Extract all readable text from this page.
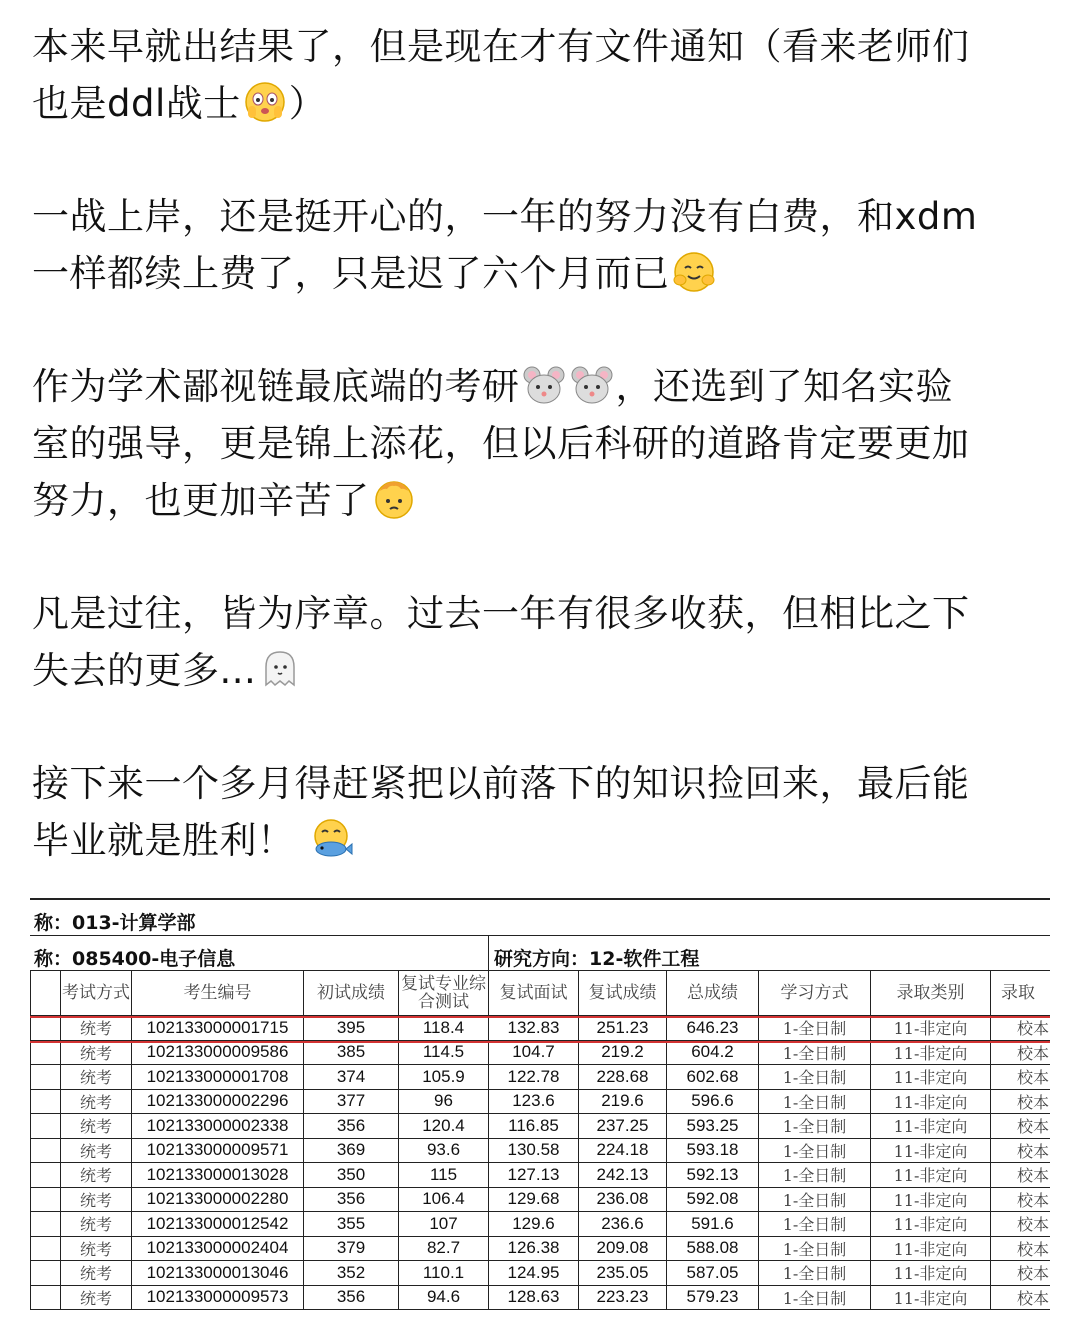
本来早就出结果了，但是现在才有文件通知（看来老师们
也是ddl战士 ）

一战上岸，还是挺开心的，一年的努力没有白费，和xdm
一样都续上费了，只是迟了六个月而已

作为学术鄙视链最底端的考研	，还选到了知名实验
室的强导，更是锦上添花，但以后科研的道路肯定要更加
努力，也更加辛苦了

凡是过往，皆为序章。过去一年有很多收获，但相比之下
失去的更多...

接下来一个多月得赶紧把以前落下的知识捡回来，最后能
毕业就是胜利！

称：013-计算学部
称：085400-电子信息	研究方向：12-软件工程
	考试方式	考生编号	初试成绩	复试专业综合测试	复试面试	复试成绩	总成绩	学习方式	录取类别	录取
	统考	102133000001715	395	118.4	132.83	251.23	646.23	1-全日制	11-非定向	校本
	统考	102133000009586	385	114.5	104.7	219.2	604.2	1-全日制	11-非定向	校本
	统考	102133000001708	374	105.9	122.78	228.68	602.68	1-全日制	11-非定向	校本
	统考	102133000002296	377	96	123.6	219.6	596.6	1-全日制	11-非定向	校本
	统考	102133000002338	356	120.4	116.85	237.25	593.25	1-全日制	11-非定向	校本
	统考	102133000009571	369	93.6	130.58	224.18	593.18	1-全日制	11-非定向	校本
	统考	102133000013028	350	115	127.13	242.13	592.13	1-全日制	11-非定向	校本
	统考	102133000002280	356	106.4	129.68	236.08	592.08	1-全日制	11-非定向	校本
	统考	102133000012542	355	107	129.6	236.6	591.6	1-全日制	11-非定向	校本
	统考	102133000002404	379	82.7	126.38	209.08	588.08	1-全日制	11-非定向	校本
	统考	102133000013046	352	110.1	124.95	235.05	587.05	1-全日制	11-非定向	校本
	统考	102133000009573	356	94.6	128.63	223.23	579.23	1-全日制	11-非定向	校本
